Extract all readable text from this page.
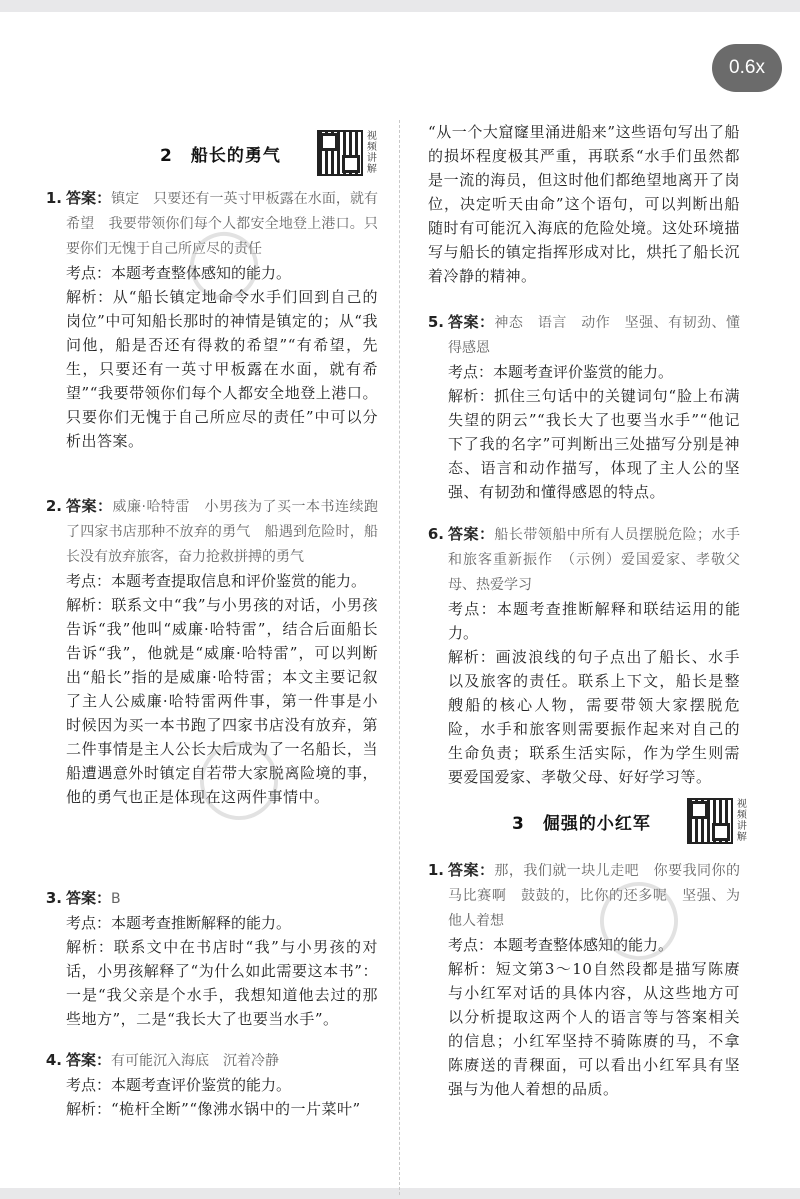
2　船长的勇气
视频讲解
1. 答案：镇定　只要还有一英寸甲板露在水面，就有希望　我要带领你们每个人都安全地登上港口。只要你们无愧于自己所应尽的责任
考点：本题考查整体感知的能力。
解析：从“船长镇定地命令水手们回到自己的岗位”中可知船长那时的神情是镇定的；从“我问他，船是否还有得救的希望”“有希望，先生，只要还有一英寸甲板露在水面，就有希望”“我要带领你们每个人都安全地登上港口。只要你们无愧于自己所应尽的责任”中可以分析出答案。
2. 答案：威廉·哈特雷　小男孩为了买一本书连续跑了四家书店那种不放弃的勇气　船遇到危险时，船长没有放弃旅客，奋力抢救拼搏的勇气
考点：本题考查提取信息和评价鉴赏的能力。
解析：联系文中“我”与小男孩的对话，小男孩告诉“我”他叫“威廉·哈特雷”，结合后面船长告诉“我”，他就是“威廉·哈特雷”，可以判断出“船长”指的是威廉·哈特雷；本文主要记叙了主人公威廉·哈特雷两件事，第一件事是小时候因为买一本书跑了四家书店没有放弃，第二件事情是主人公长大后成为了一名船长，当船遭遇意外时镇定自若带大家脱离险境的事，他的勇气也正是体现在这两件事情中。
3. 答案：B
考点：本题考查推断解释的能力。
解析：联系文中在书店时“我”与小男孩的对话，小男孩解释了“为什么如此需要这本书”：一是“我父亲是个水手，我想知道他去过的那些地方”，二是“我长大了也要当水手”。
4. 答案：有可能沉入海底　沉着冷静
考点：本题考查评价鉴赏的能力。
解析：“桅杆全断”“像沸水锅中的一片菜叶”
“从一个大窟窿里涌进船来”这些语句写出了船的损坏程度极其严重，再联系“水手们虽然都是一流的海员，但这时他们都绝望地离开了岗位，决定听天由命”这个语句，可以判断出船随时有可能沉入海底的危险处境。这处环境描写与船长的镇定指挥形成对比，烘托了船长沉着冷静的精神。
5. 答案：神态　语言　动作　坚强、有韧劲、懂得感恩
考点：本题考查评价鉴赏的能力。
解析：抓住三句话中的关键词句“脸上布满失望的阴云”“我长大了也要当水手”“他记下了我的名字”可判断出三处描写分别是神态、语言和动作描写，体现了主人公的坚强、有韧劲和懂得感恩的特点。
6. 答案：船长带领船中所有人员摆脱危险；水手和旅客重新振作　（示例）爱国爱家、孝敬父母、热爱学习
考点：本题考查推断解释和联结运用的能力。
解析：画波浪线的句子点出了船长、水手以及旅客的责任。联系上下文，船长是整艘船的核心人物，需要带领大家摆脱危险，水手和旅客则需要振作起来对自己的生命负责；联系生活实际，作为学生则需要爱国爱家、孝敬父母、好好学习等。
3　倔强的小红军
视频讲解
1. 答案：那，我们就一块儿走吧　你要我同你的马比赛啊　鼓鼓的，比你的还多呢　坚强、为他人着想
考点：本题考查整体感知的能力。
解析：短文第3～10自然段都是描写陈赓与小红军对话的具体内容，从这些地方可以分析提取这两个人的语言等与答案相关的信息；小红军坚持不骑陈赓的马，不拿陈赓送的青稞面，可以看出小红军具有坚强与为他人着想的品质。
0.6x
